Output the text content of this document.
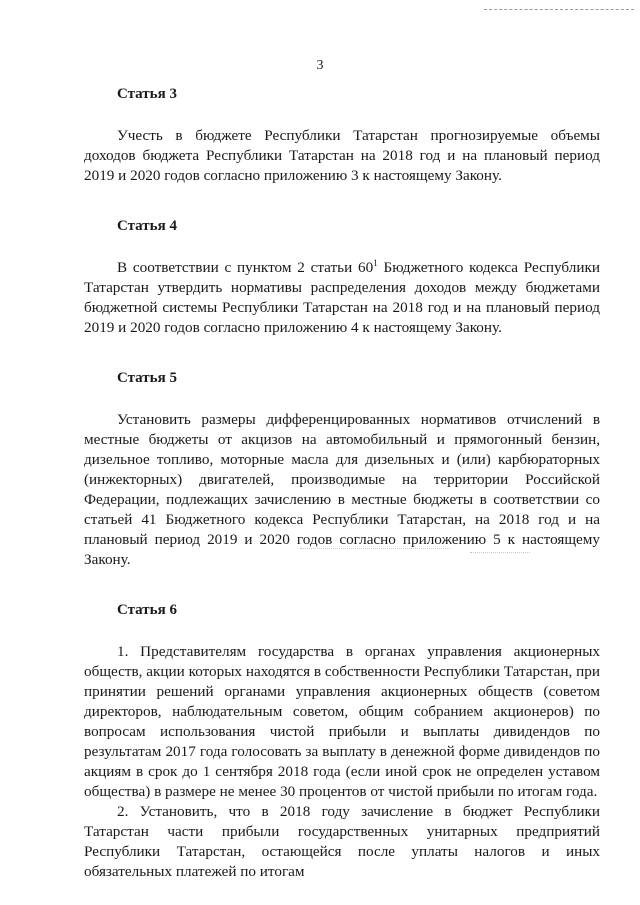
3
Статья 3

Учесть в бюджете Республики Татарстан прогнозируемые объемы доходов бюджета Республики Татарстан на 2018 год и на плановый период 2019 и 2020 годов согласно приложению 3 к настоящему Закону.

Статья 4

В соответствии с пунктом 2 статьи $60^1$ Бюджетного кодекса Республики Татарстан утвердить нормативы распределения доходов между бюджетами бюджетной системы Республики Татарстан на 2018 год и на плановый период 2019 и 2020 годов согласно приложению 4 к настоящему Закону.

Статья 5

Установить размеры дифференцированных нормативов отчислений в местные бюджеты от акцизов на автомобильный и прямогонный бензин, дизельное топливо, моторные масла для дизельных и (или) карбюраторных (инжекторных) двигателей, производимые на территории Российской Федерации, подлежащих зачислению в местные бюджеты в соответствии со статьей 41 Бюджетного кодекса Республики Татарстан, на 2018 год и на плановый период 2019 и 2020 годов согласно приложению 5 к настоящему Закону.

Статья 6

1. Представителям государства в органах управления акционерных обществ, акции которых находятся в собственности Республики Татарстан, при принятии решений органами управления акционерных обществ (советом директоров, наблюдательным советом, общим собранием акционеров) по вопросам использования чистой прибыли и выплаты дивидендов по результатам 2017 года голосовать за выплату в денежной форме дивидендов по акциям в срок до 1 сентября 2018 года (если иной срок не определен уставом общества) в размере не менее 30 процентов от чистой прибыли по итогам года.

2. Установить, что в 2018 году зачисление в бюджет Республики Татарстан части прибыли государственных унитарных предприятий Республики Татарстан, остающейся после уплаты налогов и иных обязательных платежей по итогам
